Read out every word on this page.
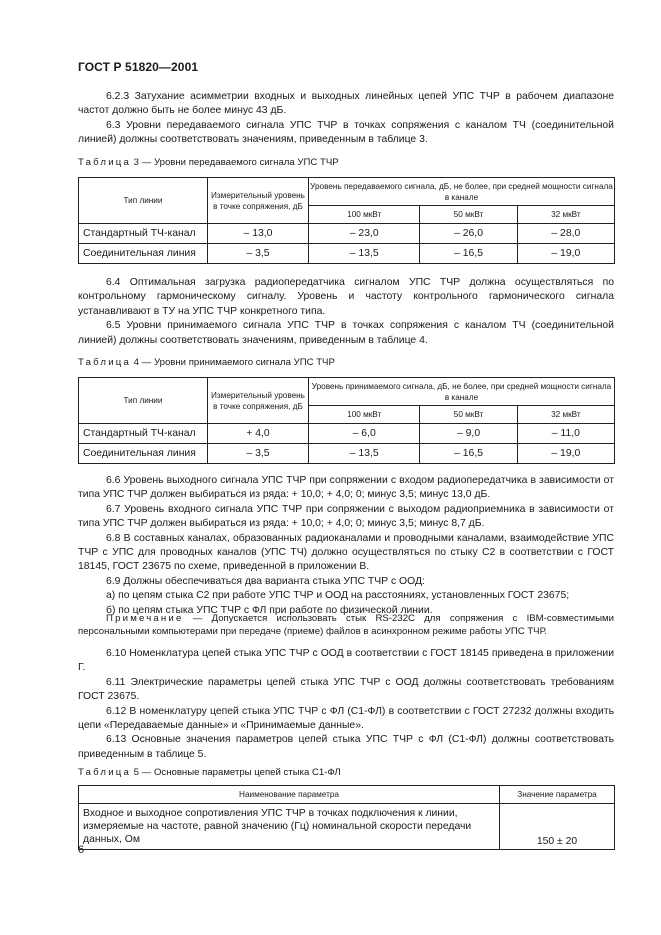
ГОСТ Р 51820—2001

6.2.3 Затухание асимметрии входных и выходных линейных цепей УПС ТЧР в рабочем диапазоне частот должно быть не более минус 43 дБ.

6.3 Уровни передаваемого сигнала УПС ТЧР в точках сопряжения с каналом ТЧ (соединительной линией) должны соответствовать значениям, приведенным в таблице 3.

Таблица 3 — Уровни передаваемого сигнала УПС ТЧР
Тип линии	Измерительный уровень в точке сопряжения, дБ	Уровень передаваемого сигнала, дБ, не более, при средней мощности сигнала в канале		
		100 мкВт	50 мкВт	32 мкВт
Стандартный ТЧ-канал	– 13,0	– 23,0	– 26,0	– 28,0
Соединительная линия	– 3,5	– 13,5	– 16,5	– 19,0

6.4 Оптимальная загрузка радиопередатчика сигналом УПС ТЧР должна осуществляться по контрольному гармоническому сигналу. Уровень и частоту контрольного гармонического сигнала устанавливают в ТУ на УПС ТЧР конкретного типа.

6.5 Уровни принимаемого сигнала УПС ТЧР в точках сопряжения с каналом ТЧ (соединительной линией) должны соответствовать значениям, приведенным в таблице 4.

Таблица 4 — Уровни принимаемого сигнала УПС ТЧР
Тип линии	Измерительный уровень в точке сопряжения, дБ	Уровень принимаемого сигнала, дБ, не более, при средней мощности сигнала в канале		
		100 мкВт	50 мкВт	32 мкВт
Стандартный ТЧ-канал	+ 4,0	– 6,0	– 9,0	– 11,0
Соединительная линия	– 3,5	– 13,5	– 16,5	– 19,0

6.6 Уровень выходного сигнала УПС ТЧР при сопряжении с входом радиопередатчика в зависимости от типа УПС ТЧР должен выбираться из ряда: + 10,0; + 4,0; 0; минус 3,5; минус 13,0 дБ.

6.7 Уровень входного сигнала УПС ТЧР при сопряжении с выходом радиоприемника в зависимости от типа УПС ТЧР должен выбираться из ряда: + 10,0; + 4,0; 0; минус 3,5; минус 8,7 дБ.

6.8 В составных каналах, образованных радиоканалами и проводными каналами, взаимодействие УПС ТЧР с УПС для проводных каналов (УПС ТЧ) должно осуществляться по стыку С2 в соответствии с ГОСТ 18145, ГОСТ 23675 по схеме, приведенной в приложении В.

6.9 Должны обеспечиваться два варианта стыка УПС ТЧР с ООД:

а) по цепям стыка С2 при работе УПС ТЧР и ООД на расстояниях, установленных ГОСТ 23675;

б) по цепям стыка УПС ТЧР с ФЛ при работе по физической линии.

Примечание — Допускается использовать стык RS-232C для сопряжения с IBM-совместимыми персональными компьютерами при передаче (приеме) файлов в асинхронном режиме работы УПС ТЧР.

6.10 Номенклатура цепей стыка УПС ТЧР с ООД в соответствии с ГОСТ 18145 приведена в приложении Г.

6.11 Электрические параметры цепей стыка УПС ТЧР с ООД должны соответствовать требованиям ГОСТ 23675.

6.12 В номенклатуру цепей стыка УПС ТЧР с ФЛ (С1-ФЛ) в соответствии с ГОСТ 27232 должны входить цепи «Передаваемые данные» и «Принимаемые данные».

6.13 Основные значения параметров цепей стыка УПС ТЧР с ФЛ (С1-ФЛ) должны соответствовать приведенным в таблице 5.

Таблица 5 — Основные параметры цепей стыка С1-ФЛ
Наименование параметра	Значение параметра
Входное и выходное сопротивления УПС ТЧР в точках подключения к линии, измеряемые на частоте, равной значению (Гц) номинальной скорости передачи данных, Ом	150 ± 20
6
